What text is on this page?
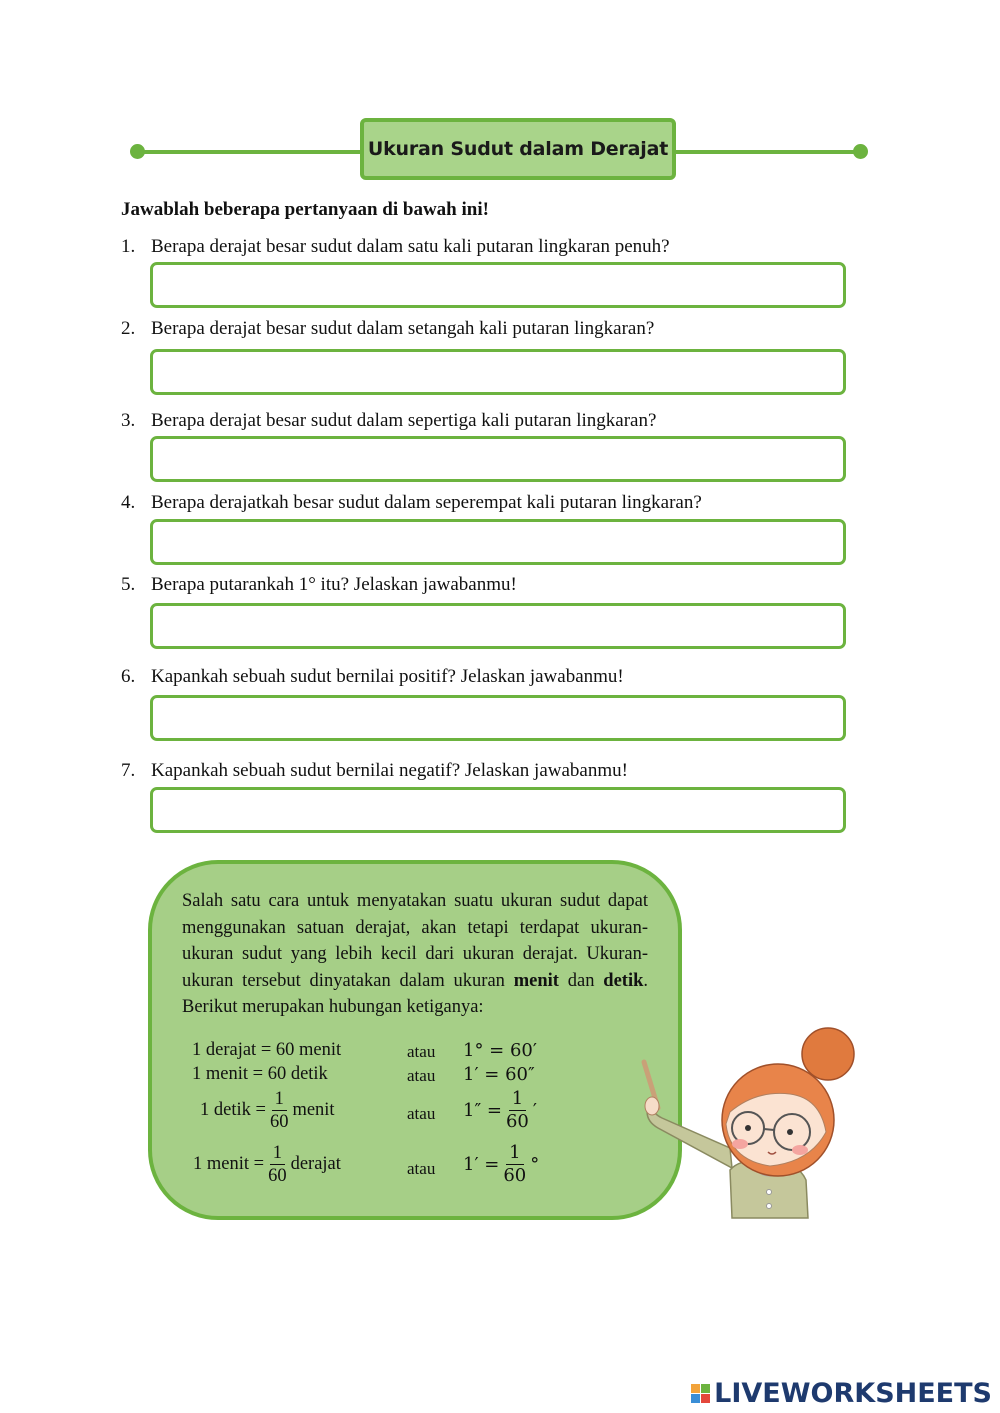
Ukuran Sudut dalam Derajat
Jawablah beberapa pertanyaan di bawah ini!
1. Berapa derajat besar sudut dalam satu kali putaran lingkaran penuh?
2. Berapa derajat besar sudut dalam setangah kali putaran lingkaran?
3. Berapa derajat besar sudut dalam sepertiga kali putaran lingkaran?
4. Berapa derajatkah besar sudut dalam seperempat kali putaran lingkaran?
5. Berapa putarankah 1° itu? Jelaskan jawabanmu!
6. Kapankah sebuah sudut bernilai positif? Jelaskan jawabanmu!
7. Kapankah sebuah sudut bernilai negatif? Jelaskan jawabanmu!
Salah satu cara untuk menyatakan suatu ukuran sudut dapat menggunakan satuan derajat, akan tetapi terdapat ukuran-ukuran sudut yang lebih kecil dari ukuran derajat. Ukuran-ukuran tersebut dinyatakan dalam ukuran menit dan detik. Berikut merupakan hubungan ketiganya:
1 derajat = 60 menit	atau 1° = 60′
1 menit = 60 detik	atau 1′ = 60″
1 detik = $\frac{1}{60}$ menit	atau $1'' = \frac{1}{60}$ ′
1 menit = $\frac{1}{60}$ derajat	atau $1' = \frac{1}{60}$ °
LIVEWORKSHEETS
